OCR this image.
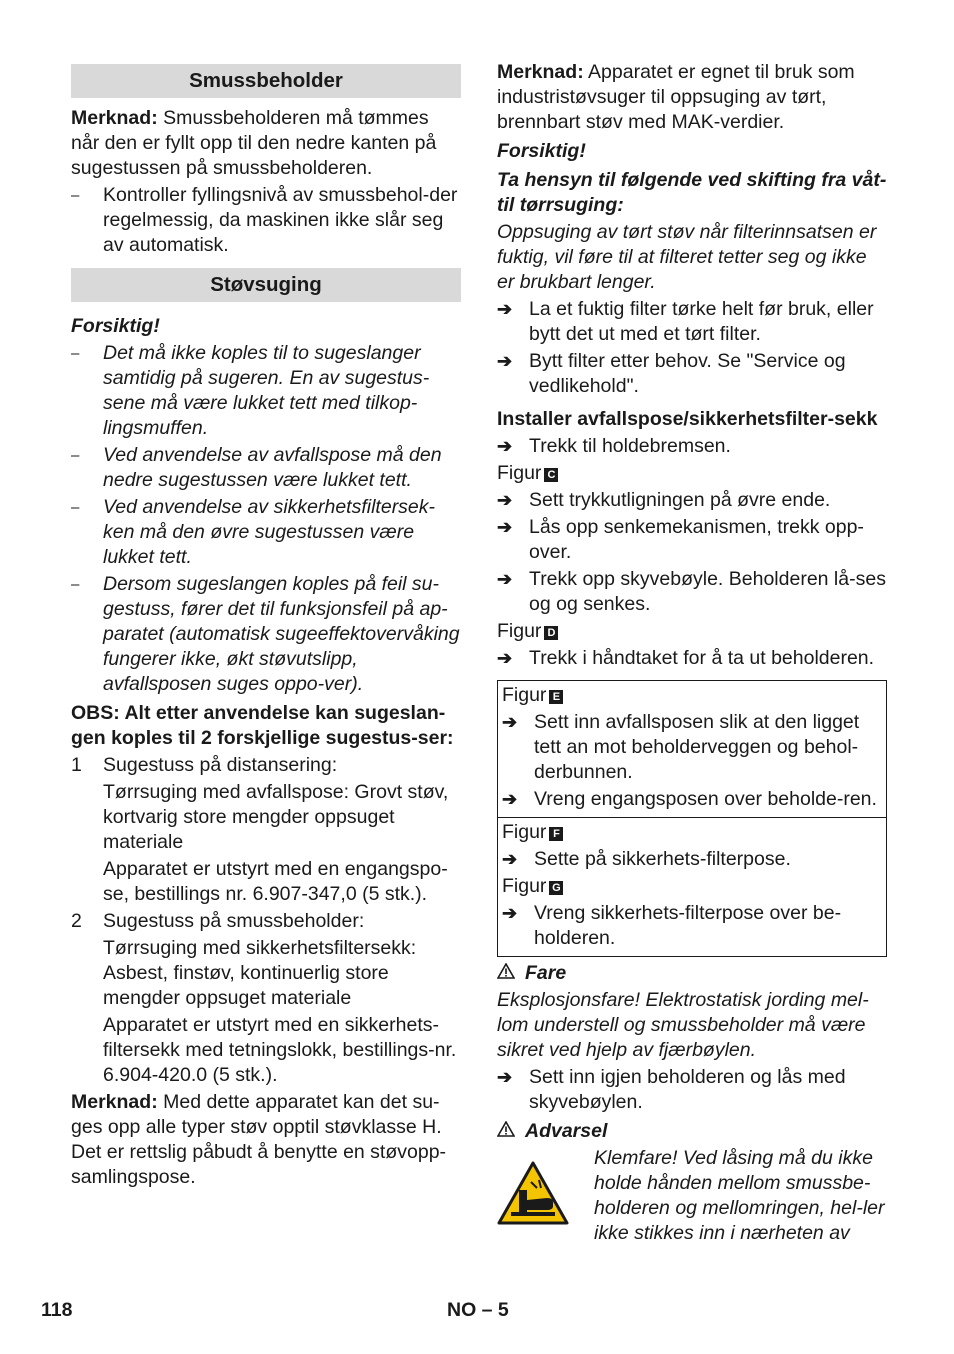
Smussbeholder

Merknad: Smussbeholderen må tømmes når den er fyllt opp til den nedre kanten på sugestussen på smussbeholderen.

– Kontroller fyllingsnivå av smussbehol-der regelmessig, da maskinen ikke slår seg av automatisk.
Støvsuging

Forsiktig!

– Det må ikke koples til to sugeslanger samtidig på sugeren. En av sugestus-sene må være lukket tett med tilkop-lingsmuffen.
– Ved anvendelse av avfallspose må den nedre sugestussen være lukket tett.
– Ved anvendelse av sikkerhetsfiltersek-ken må den øvre sugestussen være lukket tett.
– Dersom sugeslangen koples på feil su-gestuss, fører det til funksjonsfeil på ap-paratet (automatisk sugeeffektovervåking fungerer ikke, økt støvutslipp, avfallsposen suges oppo-ver).

OBS: Alt etter anvendelse kan sugeslan-gen koples til 2 forskjellige sugestus-ser:

1 Sugestuss på distansering:

Tørrsuging med avfallspose: Grovt støv, kortvarig store mengder oppsuget materiale

Apparatet er utstyrt med en engangspo-se, bestillings nr. 6.907-347,0 (5 stk.).

2 Sugestuss på smussbeholder:

Tørrsuging med sikkerhetsfiltersekk: Asbest, finstøv, kontinuerlig store mengder oppsuget materiale

Apparatet er utstyrt med en sikkerhets-filtersekk med tetningslokk, bestillings-nr. 6.904-420.0 (5 stk.).

Merknad: Med dette apparatet kan det su-ges opp alle typer støv opptil støvklasse H. Det er rettslig påbudt å benytte en støvopp-samlingspose.

Merknad: Apparatet er egnet til bruk som industristøvsuger til oppsuging av tørt, brennbart støv med MAK-verdier.

Forsiktig!

Ta hensyn til følgende ved skifting fra våt- til tørrsuging:

Oppsuging av tørt støv når filterinnsatsen er fuktig, vil føre til at filteret tetter seg og ikke er brukbart lenger.

➔ La et fuktig filter tørke helt før bruk, eller bytt det ut med et tørt filter.
➔ Bytt filter etter behov. Se "Service og vedlikehold".

Installer avfallspose/sikkerhetsfilter-sekk

➔ Trekk til holdebremsen.

Figur C

➔ Sett trykkutligningen på øvre ende.
➔ Lås opp senkemekanismen, trekk opp-over.
➔ Trekk opp skyvebøyle. Beholderen lå-ses og og senkes.

Figur D

➔ Trekk i håndtaket for å ta ut beholderen.

Figur E

➔ Sett inn avfallsposen slik at den ligget tett an mot beholderveggen og behol-derbunnen.
➔ Vreng engangsposen over beholde-ren.

Figur F

➔ Sette på sikkerhets-filterpose.

Figur G

➔ Vreng sikkerhets-filterpose over be-holderen.

Fare

Eksplosjonsfare! Elektrostatisk jording mel-lom understell og smussbeholder må være sikret ved hjelp av fjærbøylen.

➔ Sett inn igjen beholderen og lås med skyvebøylen.

Advarsel

Klemfare! Ved låsing må du ikke holde hånden mellom smussbe-holderen og mellomringen, hel-ler ikke stikkes inn i nærheten av

118	NO – 5
